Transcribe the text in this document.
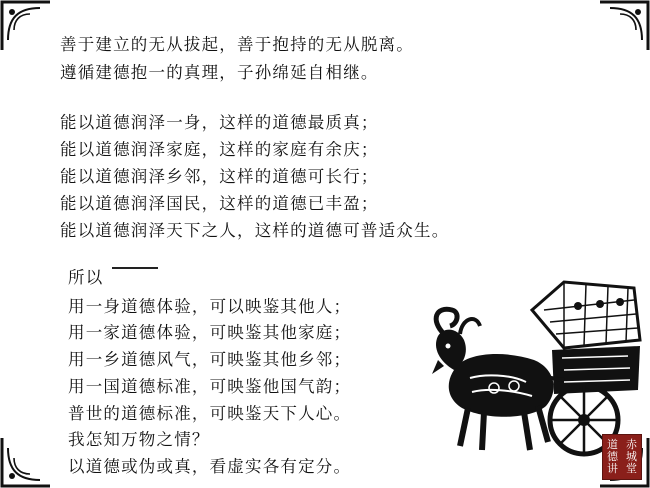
善于建立的无从拔起，善于抱持的无从脱离。
遵循建德抱一的真理，子孙绵延自相继。
能以道德润泽一身，这样的道德最质真；
能以道德润泽家庭，这样的家庭有余庆；
能以道德润泽乡邻，这样的道德可长行；
能以道德润泽国民，这样的道德已丰盈；
能以道德润泽天下之人，这样的道德可普适众生。
所以
用一身道德体验，可以映鉴其他人；
用一家道德体验，可映鉴其他家庭；
用一乡道德风气，可映鉴其他乡邻；
用一国道德标准，可映鉴他国气韵；
普世的道德标准，可映鉴天下人心。
我怎知万物之情？
以道德或伪或真，看虚实各有定分。
道 赤
德 城
讲 堂
